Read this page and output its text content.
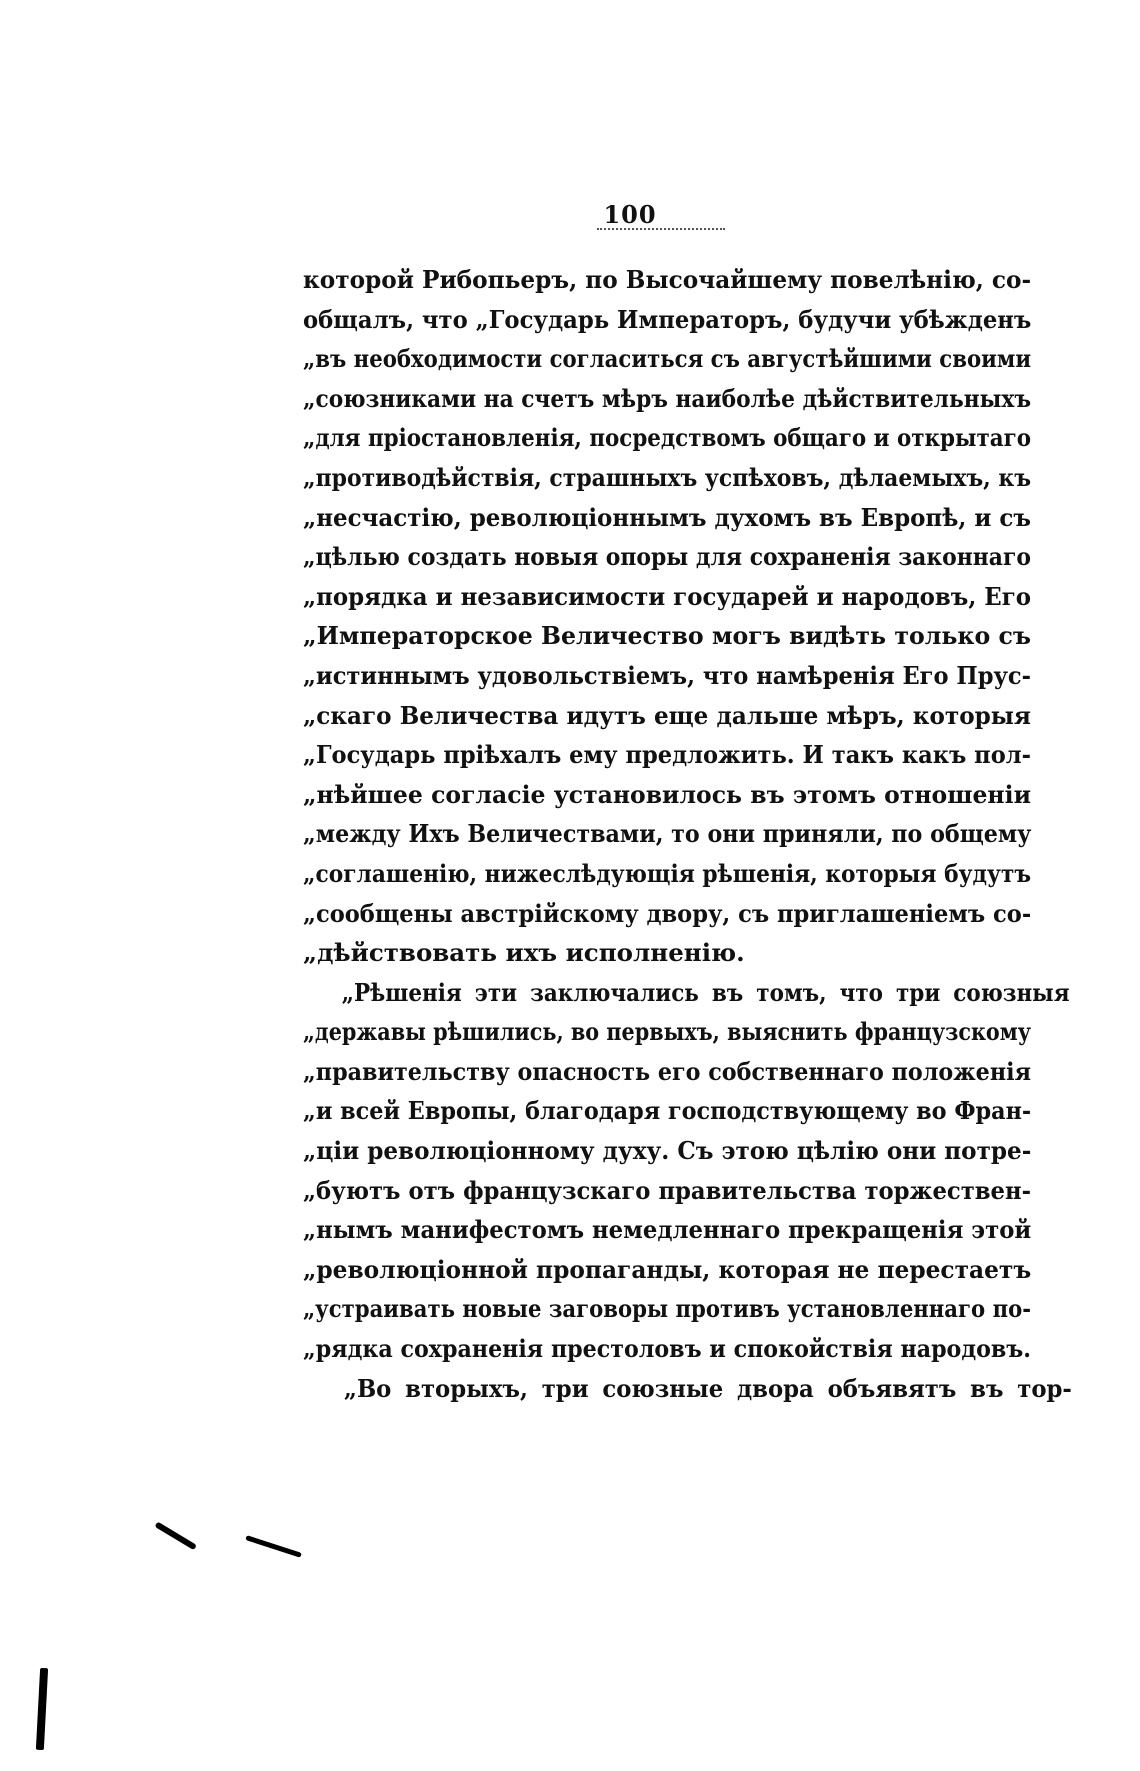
100
которой Рибопьеръ, по Высочайшему повелѣнію, со-
общалъ, что „Государь Императоръ, будучи убѣжденъ
„въ необходимости согласиться съ августѣйшими своими
„союзниками на счетъ мѣръ наиболѣе дѣйствительныхъ
„для пріостановленія, посредствомъ общаго и открытаго
„противодѣйствія, страшныхъ успѣховъ, дѣлаемыхъ, къ
„несчастію, революціоннымъ духомъ въ Европѣ, и съ
„цѣлью создать новыя опоры для сохраненія законнаго
„порядка и независимости государей и народовъ, Его
„Императорское Величество могъ видѣть только съ
„истиннымъ удовольствіемъ, что намѣренія Его Прус-
„скаго Величества идутъ еще дальше мѣръ, которыя
„Государь пріѣхалъ ему предложить. И такъ какъ пол-
„нѣйшее согласіе установилось въ этомъ отношеніи
„между Ихъ Величествами, то они приняли, по общему
„соглашенію, нижеслѣдующія рѣшенія, которыя будутъ
„сообщены австрійскому двору, съ приглашеніемъ со-
„дѣйствовать ихъ исполненію.
„Рѣшенія эти заключались въ томъ, что три союзныя
„державы рѣшились, во первыхъ, выяснить французскому
„правительству опасность его собственнаго положенія
„и всей Европы, благодаря господствующему во Фран-
„ціи революціонному духу. Съ этою цѣлію они потре-
„буютъ отъ французскаго правительства торжествен-
„нымъ манифестомъ немедленнаго прекращенія этой
„революціонной пропаганды, которая не перестаетъ
„устраивать новые заговоры противъ установленнаго по-
„рядка сохраненія престоловъ и спокойствія народовъ.
„Во вторыхъ, три союзные двора объявятъ въ тор-
